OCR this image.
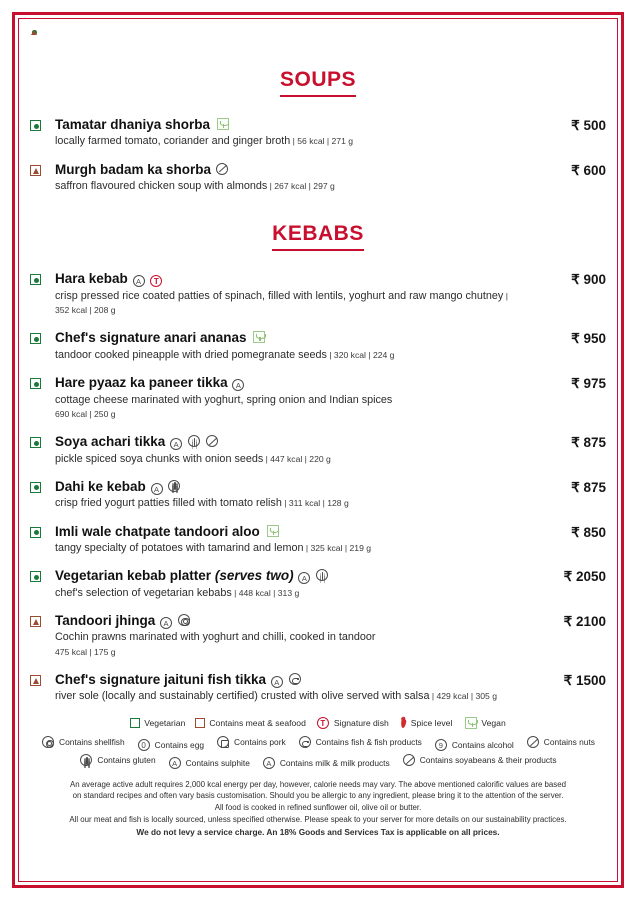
SOUPS
Tamatar dhaniya shorba
locally farmed tomato, coriander and ginger broth | 56 kcal | 271 g
₹ 500
Murgh badam ka shorba
saffron flavoured chicken soup with almonds | 267 kcal | 297 g
₹ 600
KEBABS
Hara kebab A T
crisp pressed rice coated patties of spinach, filled with lentils, yoghurt and raw mango chutney | 352 kcal | 208 g
₹ 900
Chef's signature anari ananas
tandoor cooked pineapple with dried pomegranate seeds | 320 kcal | 224 g
₹ 950
Hare pyaaz ka paneer tikka A
cottage cheese marinated with yoghurt, spring onion and Indian spices
690 kcal | 250 g
₹ 975
Soya achari tikka A
pickle spiced soya chunks with onion seeds | 447 kcal | 220 g
₹ 875
Dahi ke kebab A
crisp fried yogurt patties filled with tomato relish | 311 kcal | 128 g
₹ 875
Imli wale chatpate tandoori aloo
tangy specialty of potatoes with tamarind and lemon | 325 kcal | 219 g
₹ 850
Vegetarian kebab platter (serves two) A
chef's selection of vegetarian kebabs | 448 kcal | 313 g
₹ 2050
Tandoori jhinga A
Cochin prawns marinated with yoghurt and chilli, cooked in tandoor
475 kcal | 175 g
₹ 2100
Chef's signature jaituni fish tikka A
river sole (locally and sustainably certified) crusted with olive served with salsa | 429 kcal | 305 g
₹ 1500
Vegetarian	Contains meat & seafood	T Signature dish	Spice level	Vegan
Contains shellfish	0	Contains egg	Contains pork	Contains fish & fish products	9	Contains alcohol	Contains nuts
Contains gluten	A	Contains sulphite	A	Contains milk & milk products	Contains soyabeans & their products
An average active adult requires 2,000 kcal energy per day, however, calorie needs may vary. The above mentioned calorific values are based
on standard recipes and often vary basis customisation. Should you be allergic to any ingredient, please bring it to the attention of the server.
All food is cooked in refined sunflower oil, olive oil or butter.
All our meat and fish is locally sourced, unless specified otherwise. Please speak to your server for more details on our sustainability practices.
We do not levy a service charge. An 18% Goods and Services Tax is applicable on all prices.
